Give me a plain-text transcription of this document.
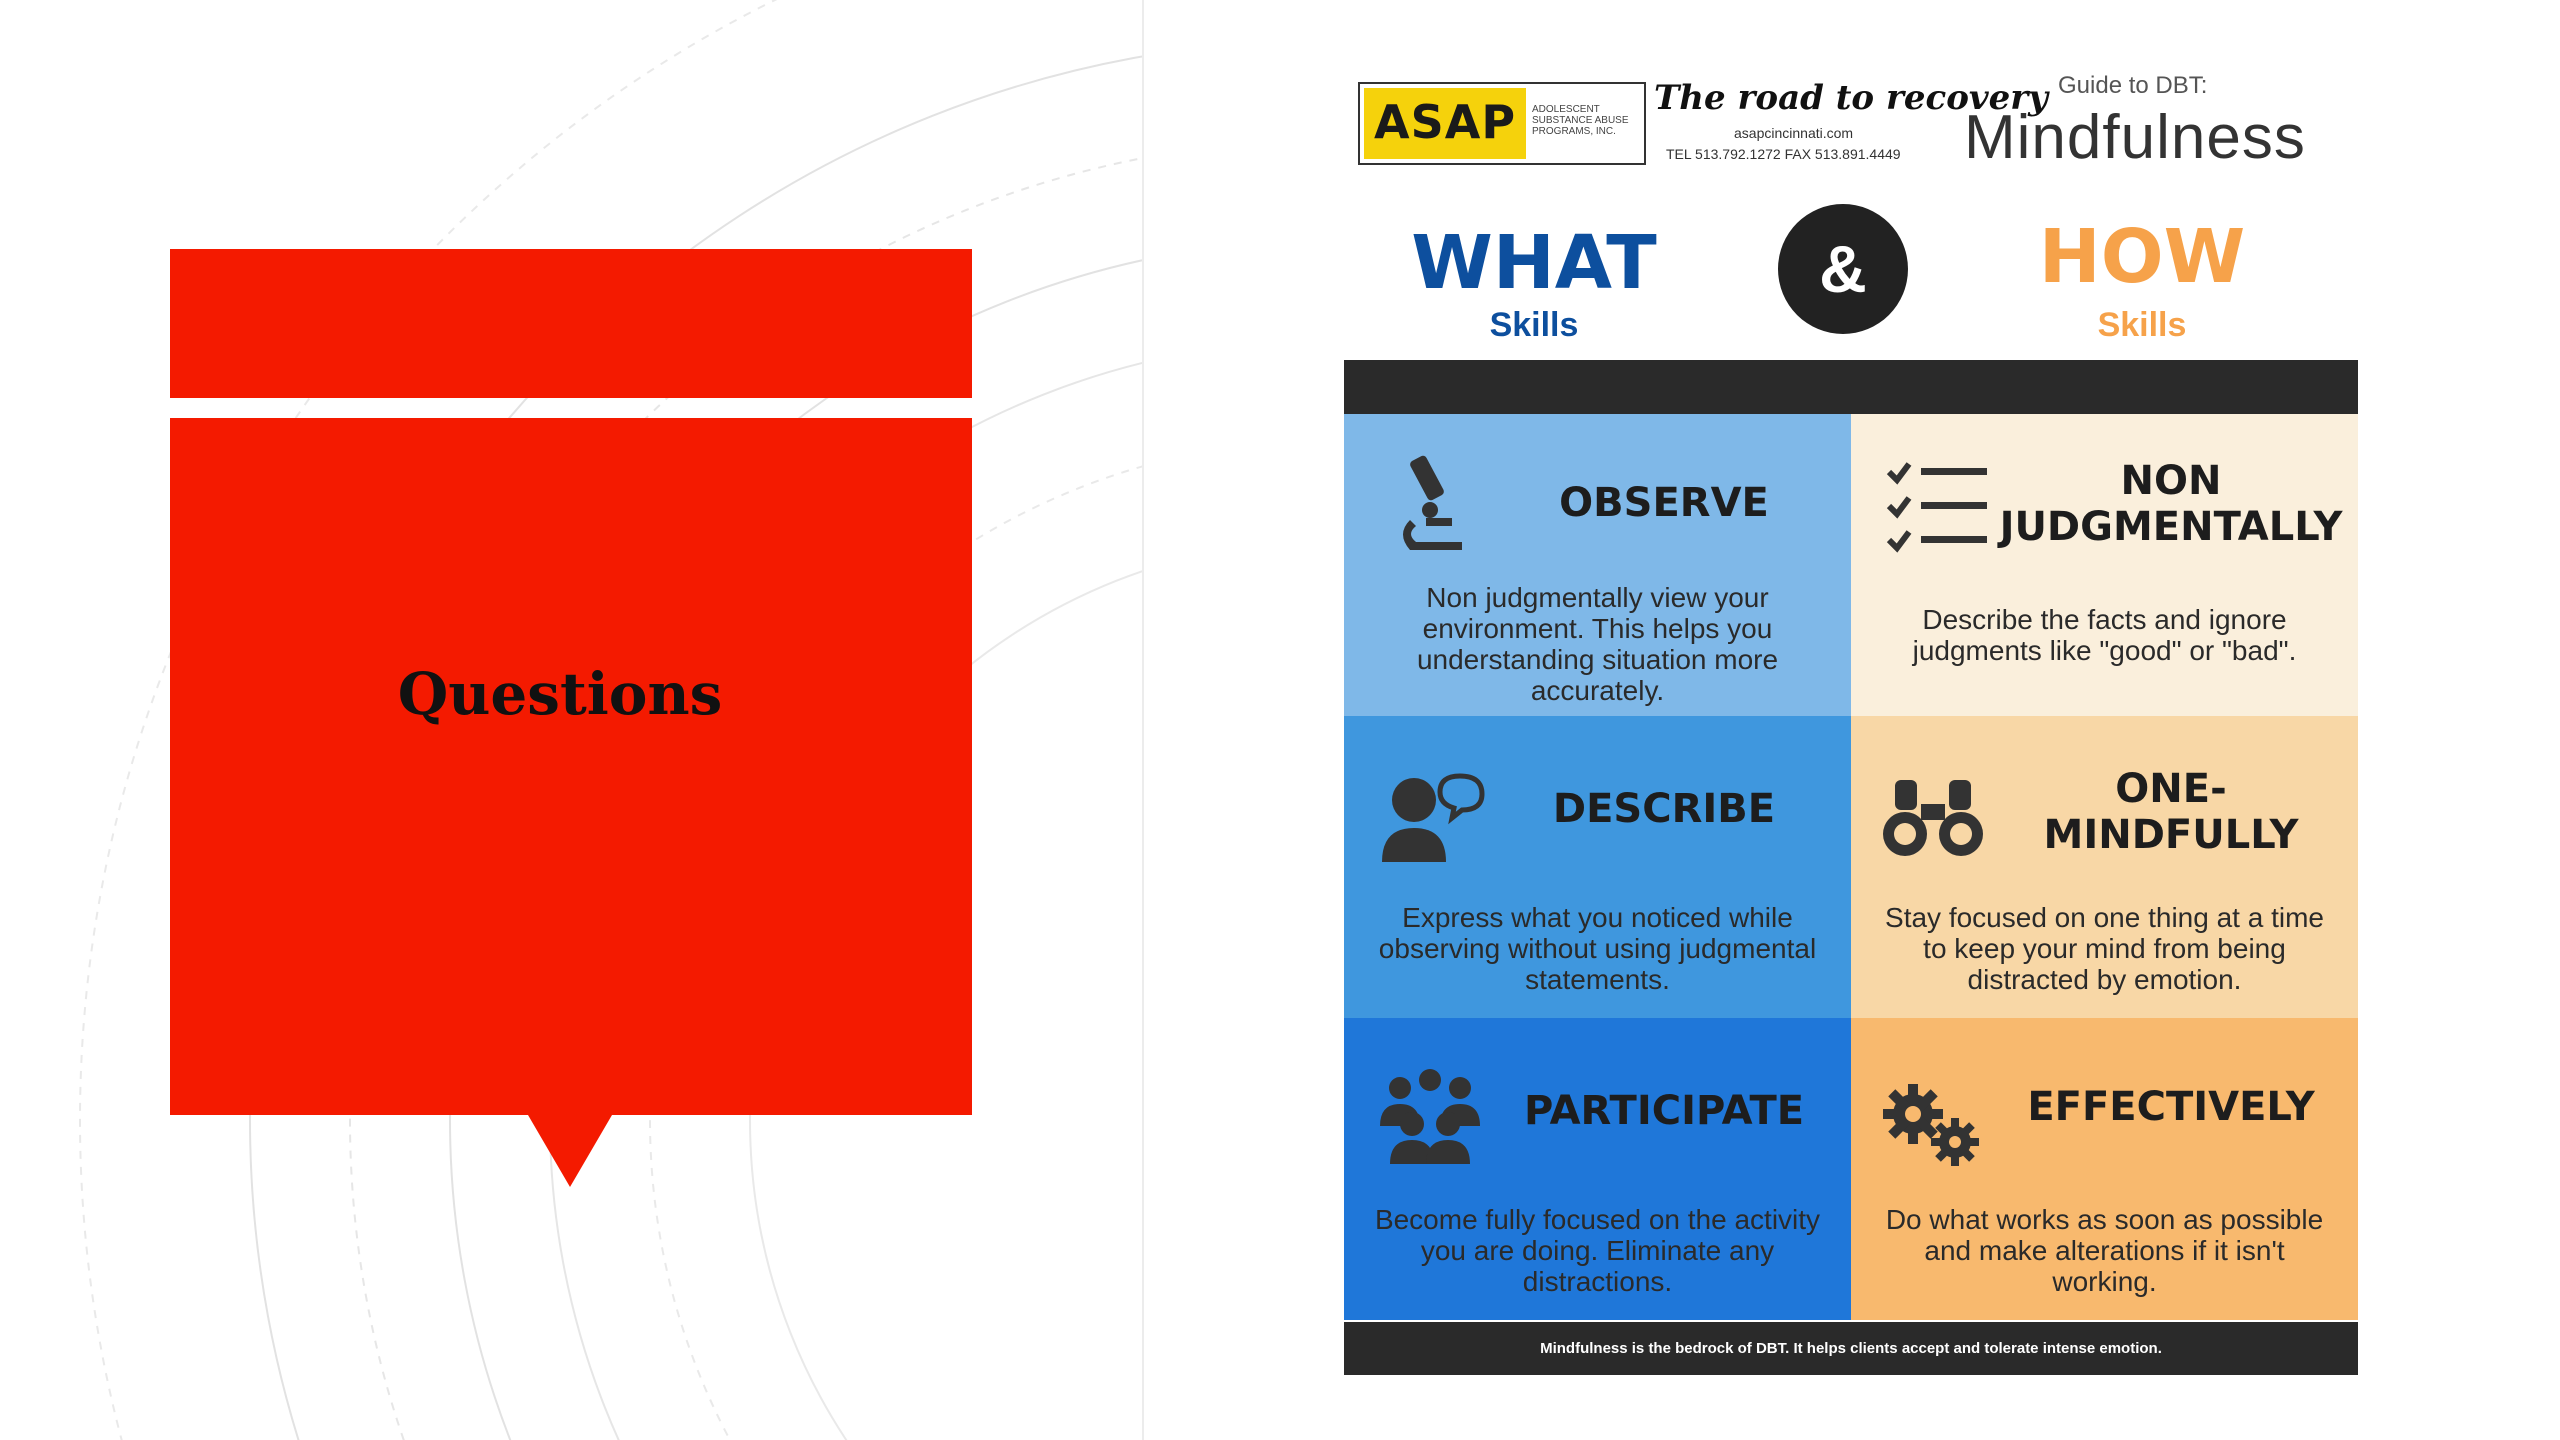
Questions
ASAP ADOLESCENT SUBSTANCE ABUSE PROGRAMS, INC.
The road to recovery
asapcincinnati.com
TEL 513.792.1272 FAX 513.891.4449
Guide to DBT:
Mindfulness
WHAT
Skills
&	HOW
Skills
OBSERVE
Non judgmentally view your environment. This helps you understanding situation more accurately.
NON JUDGMENTALLY
Describe the facts and ignore judgments like "good" or "bad".
DESCRIBE
Express what you noticed while observing without using judgmental statements.
ONE-MINDFULLY
Stay focused on one thing at a time to keep your mind from being distracted by emotion.
PARTICIPATE
Become fully focused on the activity you are doing. Eliminate any distractions.
EFFECTIVELY
Do what works as soon as possible and make alterations if it isn't working.
Mindfulness is the bedrock of DBT. It helps clients accept and tolerate intense emotion.
